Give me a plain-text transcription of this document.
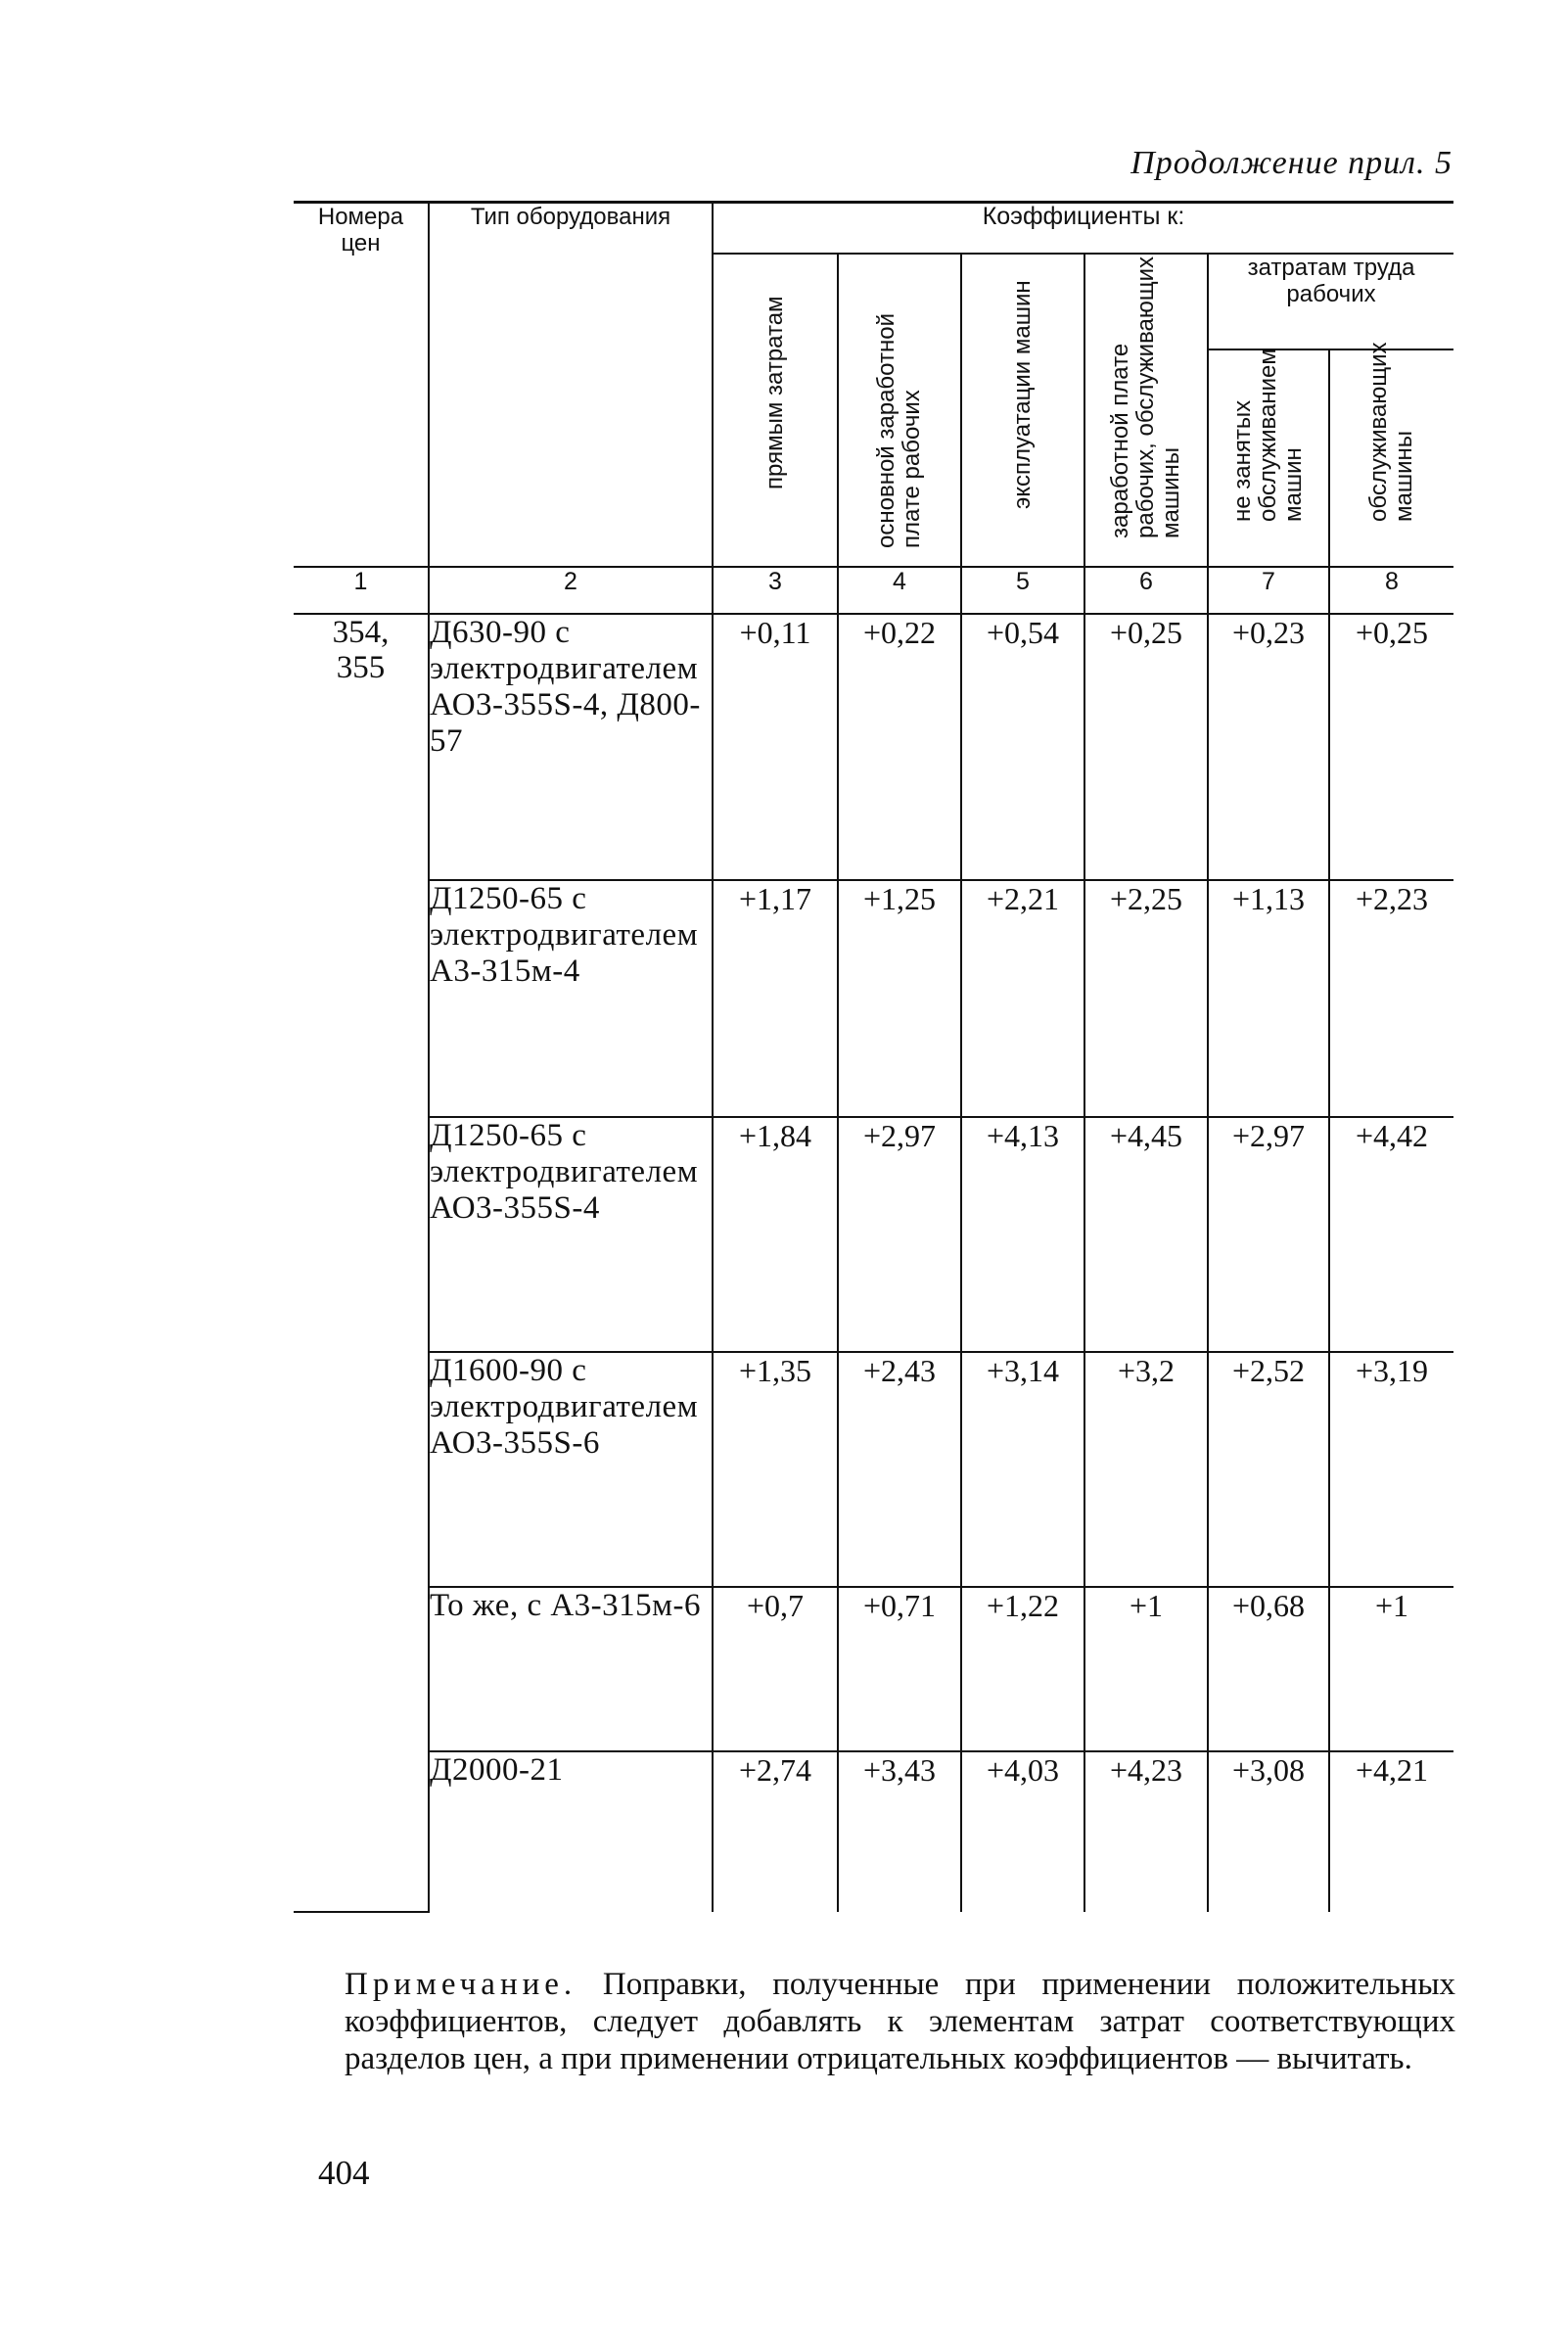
Продолжение прил. 5
Номера цен	Тип оборудования	Коэффициенты к:					
		прямым затратам	основной заработной плате рабочих	эксплуатации машин	заработной плате рабочих, обслуживающих машины	затратам труда рабочих	
						не занятых обслуживанием машин	обслуживающих машины
1	2	3	4	5	6	7	8
354, 355	Д630-90 с электродвигателем АО3-355S-4, Д800-57	+0,11	+0,22	+0,54	+0,25	+0,23	+0,25
	Д1250-65 с электродвигателем А3-315м-4	+1,17	+1,25	+2,21	+2,25	+1,13	+2,23
	Д1250-65 с электродвигателем АО3-355S-4	+1,84	+2,97	+4,13	+4,45	+2,97	+4,42
	Д1600-90 с электродвигателем АО3-355S-6	+1,35	+2,43	+3,14	+3,2	+2,52	+3,19
	То же, с А3-315м-6	+0,7	+0,71	+1,22	+1	+0,68	+1
	Д2000-21	+2,74	+3,43	+4,03	+4,23	+3,08	+4,21
Примечание. Поправки, полученные при применении положительных коэффициентов, следует добавлять к элементам затрат соответствующих разделов цен, а при применении отрицательных коэффициентов — вычитать.
404
